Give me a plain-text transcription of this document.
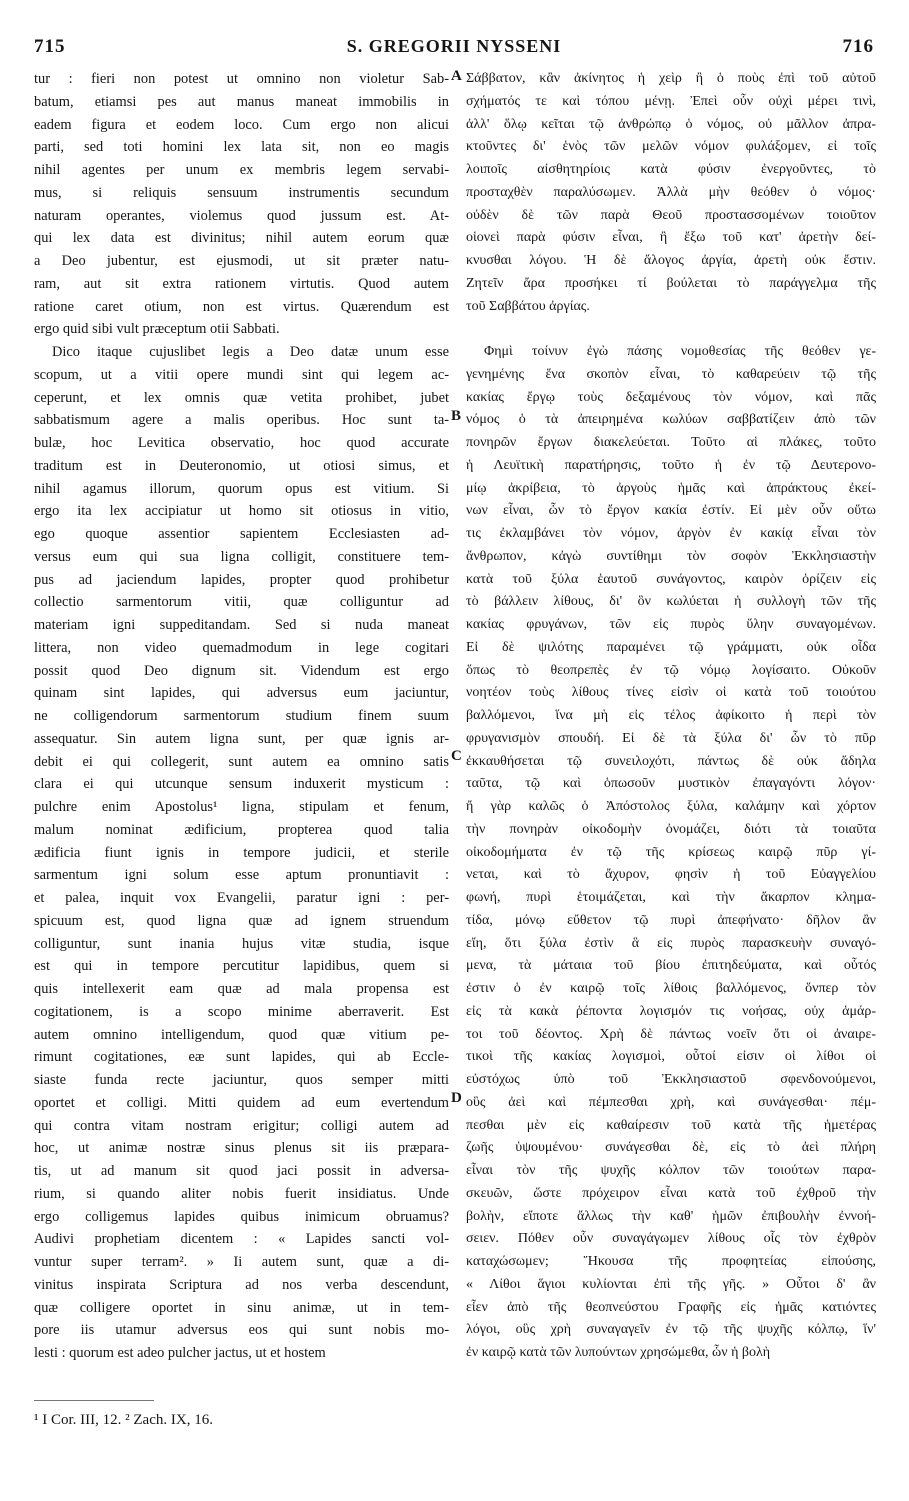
715	S. GREGORII NYSSENI	716
tur : fieri non potest ut omnino non violetur Sab-
batum, etiamsi pes aut manus maneat immobilis in
eadem figura et eodem loco. Cum ergo non alicui
parti, sed toti homini lex lata sit, non eo magis
nihil agentes per unum ex membris legem servabi-
mus, si reliquis sensuum instrumentis secundum
naturam operantes, violemus quod jussum est. At-
qui lex data est divinitus; nihil autem eorum quæ
a Deo jubentur, est ejusmodi, ut sit præter natu-
ram, aut sit extra rationem virtutis. Quod autem
ratione caret otium, non est virtus. Quærendum est
ergo quid sibi vult præceptum otii Sabbati.
Dico itaque cujuslibet legis a Deo datæ unum esse
scopum, ut a vitii opere mundi sint qui legem ac-
ceperunt, et lex omnis quæ vetita prohibet, jubet
sabbatismum agere a malis operibus. Hoc sunt ta-
bulæ, hoc Levitica observatio, hoc quod accurate
traditum est in Deuteronomio, ut otiosi simus, et
nihil agamus illorum, quorum opus est vitium. Si
ergo ita lex accipiatur ut homo sit otiosus in vitio,
ego quoque assentior sapientem Ecclesiasten ad-
versus eum qui sua ligna colligit, constituere tem-
pus ad jaciendum lapides, propter quod prohibetur
collectio sarmentorum vitii, quæ colliguntur ad
materiam igni suppeditandam. Sed si nuda maneat
littera, non video quemadmodum in lege cogitari
possit quod Deo dignum sit. Videndum est ergo
quinam sint lapides, qui adversus eum jaciuntur,
ne colligendorum sarmentorum studium finem suum
assequatur. Sin autem ligna sunt, per quæ ignis ar-
debit ei qui collegerit, sunt autem ea omnino satis
clara ei qui utcunque sensum induxerit mysticum :
pulchre enim Apostolus¹ ligna, stipulam et fenum,
malum nominat ædificium, propterea quod talia
ædificia fiunt ignis in tempore judicii, et sterile
sarmentum igni solum esse aptum pronuntiavit :
et palea, inquit vox Evangelii, paratur igni : per-
spicuum est, quod ligna quæ ad ignem struendum
colliguntur, sunt inania hujus vitæ studia, isque
est qui in tempore percutitur lapidibus, quem si
quis intellexerit eam quæ ad mala propensa est
cogitationem, is a scopo minime aberraverit. Est
autem omnino intelligendum, quod quæ vitium pe-
rimunt cogitationes, eæ sunt lapides, qui ab Eccle-
siaste funda recte jaciuntur, quos semper mitti
oportet et colligi. Mitti quidem ad eum evertendum
qui contra vitam nostram erigitur; colligi autem ad
hoc, ut animæ nostræ sinus plenus sit iis præpara-
tis, ut ad manum sit quod jaci possit in adversa-
rium, si quando aliter nobis fuerit insidiatus. Unde
ergo colligemus lapides quibus inimicum obruamus?
Audivi prophetiam dicentem : « Lapides sancti vol-
vuntur super terram². » Ii autem sunt, quæ a di-
vinitus inspirata Scriptura ad nos verba descendunt,
quæ colligere oportet in sinu animæ, ut in tem-
pore iis utamur adversus eos qui sunt nobis mo-
lesti : quorum est adeo pulcher jactus, ut et hostem
A
B
C
D
Σάββατον, κἂν ἀκίνητος ἡ χεὶρ ἢ ὁ ποὺς ἐπὶ τοῦ αὐτοῦ
σχήματός τε καὶ τόπου μένῃ. Ἐπεὶ οὖν οὐχὶ μέρει τινὶ,
ἀλλ' ὅλῳ κεῖται τῷ ἀνθρώπῳ ὁ νόμος, οὐ μᾶλλον ἀπρα-
κτοῦντες δι' ἑνὸς τῶν μελῶν νόμον φυλάξομεν, εἰ τοῖς
λοιποῖς αἰσθητηρίοις κατὰ φύσιν ἐνεργοῦντες, τὸ
προσταχθὲν παραλύσωμεν. Ἀλλὰ μὴν θεόθεν ὁ νόμος·
οὐδὲν δὲ τῶν παρὰ Θεοῦ προστασσομένων τοιοῦτον
οἱονεὶ παρὰ φύσιν εἶναι, ἢ ἔξω τοῦ κατ' ἀρετὴν δεί-
κνυσθαι λόγου. Ἡ δὲ ἄλογος ἀργία, ἀρετὴ οὐκ ἔστιν.
Ζητεῖν ἄρα προσήκει τί βούλεται τὸ παράγγελμα τῆς
τοῦ Σαββάτου ἀργίας.
Φημὶ τοίνυν ἐγὼ πάσης νομοθεσίας τῆς θεόθεν γε-
γενημένης ἕνα σκοπὸν εἶναι, τὸ καθαρεύειν τῷ τῆς
κακίας ἔργῳ τοὺς δεξαμένους τὸν νόμον, καὶ πᾶς
νόμος ὁ τὰ ἀπειρημένα κωλύων σαββατίζειν ἀπὸ τῶν
πονηρῶν ἔργων διακελεύεται. Τοῦτο αἱ πλάκες, τοῦτο
ἡ Λευϊτικὴ παρατήρησις, τοῦτο ἡ ἐν τῷ Δευτερονο-
μίῳ ἀκρίβεια, τὸ ἀργοὺς ἡμᾶς καὶ ἀπράκτους ἐκεί-
νων εἶναι, ὧν τὸ ἔργον κακία ἐστίν. Εἰ μὲν οὖν οὕτω
τις ἐκλαμβάνει τὸν νόμον, ἀργὸν ἐν κακίᾳ εἶναι τὸν
ἄνθρωπον, κἀγὼ συντίθημι τὸν σοφὸν Ἐκκλησιαστὴν
κατὰ τοῦ ξύλα ἑαυτοῦ συνάγοντος, καιρὸν ὁρίζειν εἰς
τὸ βάλλειν λίθους, δι' ὃν κωλύεται ἡ συλλογὴ τῶν τῆς
κακίας φρυγάνων, τῶν εἰς πυρὸς ὕλην συναγομένων.
Εἰ δὲ ψιλότης παραμένει τῷ γράμματι, οὐκ οἶδα
ὅπως τὸ θεοπρεπὲς ἐν τῷ νόμῳ λογίσαιτο. Οὐκοῦν
νοητέον τοὺς λίθους τίνες εἰσὶν οἱ κατὰ τοῦ τοιούτου
βαλλόμενοι, ἵνα μὴ εἰς τέλος ἀφίκοιτο ἡ περὶ τὸν
φρυγανισμὸν σπουδή. Εἰ δὲ τὰ ξύλα δι' ὧν τὸ πῦρ
ἐκκαυθήσεται τῷ συνειλοχότι, πάντως δὲ οὐκ ἄδηλα
ταῦτα, τῷ καὶ ὁπωσοῦν μυστικὸν ἐπαγαγόντι λόγον·
ἤ γὰρ καλῶς ὁ Ἀπόστολος ξύλα, καλάμην καὶ χόρτον
τὴν πονηρὰν οἰκοδομὴν ὀνομάζει, διότι τὰ τοιαῦτα
οἰκοδομήματα ἐν τῷ τῆς κρίσεως καιρῷ πῦρ γί-
νεται, καὶ τὸ ἄχυρον, φησὶν ἡ τοῦ Εὐαγγελίου
φωνή, πυρὶ ἑτοιμάζεται, καὶ τὴν ἄκαρπον κλημα-
τίδα, μόνῳ εὔθετον τῷ πυρὶ ἀπεφήνατο· δῆλον ἂν
εἴη, ὅτι ξύλα ἐστὶν ἃ εἰς πυρὸς παρασκευὴν συναγό-
μενα, τὰ μάταια τοῦ βίου ἐπιτηδεύματα, καὶ οὗτός
ἐστιν ὁ ἐν καιρῷ τοῖς λίθοις βαλλόμενος, ὅνπερ τὸν
εἰς τὰ κακὰ ῥέποντα λογισμόν τις νοήσας, οὐχ ἁμάρ-
τοι τοῦ δέοντος. Χρὴ δὲ πάντως νοεῖν ὅτι οἱ ἀναιρε-
τικοὶ τῆς κακίας λογισμοὶ, οὗτοί εἰσιν οἱ λίθοι οἱ
εὐστόχως ὑπὸ τοῦ Ἐκκλησιαστοῦ σφενδονούμενοι,
οὓς ἀεὶ καὶ πέμπεσθαι χρὴ, καὶ συνάγεσθαι· πέμ-
πεσθαι μὲν εἰς καθαίρεσιν τοῦ κατὰ τῆς ἡμετέρας
ζωῆς ὑψουμένου· συνάγεσθαι δὲ, εἰς τὸ ἀεὶ πλήρη
εἶναι τὸν τῆς ψυχῆς κόλπον τῶν τοιούτων παρα-
σκευῶν, ὥστε πρόχειρον εἶναι κατὰ τοῦ ἐχθροῦ τὴν
βολὴν, εἴποτε ἄλλως τὴν καθ' ἡμῶν ἐπιβουλὴν ἐννοή-
σειεν. Πόθεν οὖν συναγάγωμεν λίθους οἷς τὸν ἐχθρὸν
καταχώσωμεν; Ἤκουσα τῆς προφητείας εἰπούσης,
« Λίθοι ἅγιοι κυλίονται ἐπὶ τῆς γῆς. » Οὗτοι δ' ἂν
εἶεν ἀπὸ τῆς θεοπνεύστου Γραφῆς εἰς ἡμᾶς κατιόντες
λόγοι, οὓς χρὴ συναγαγεῖν ἐν τῷ τῆς ψυχῆς κόλπῳ, ἵν'
ἐν καιρῷ κατὰ τῶν λυπούντων χρησώμεθα, ὧν ἡ βολὴ
¹ I Cor. III, 12. ² Zach. IX, 16.
